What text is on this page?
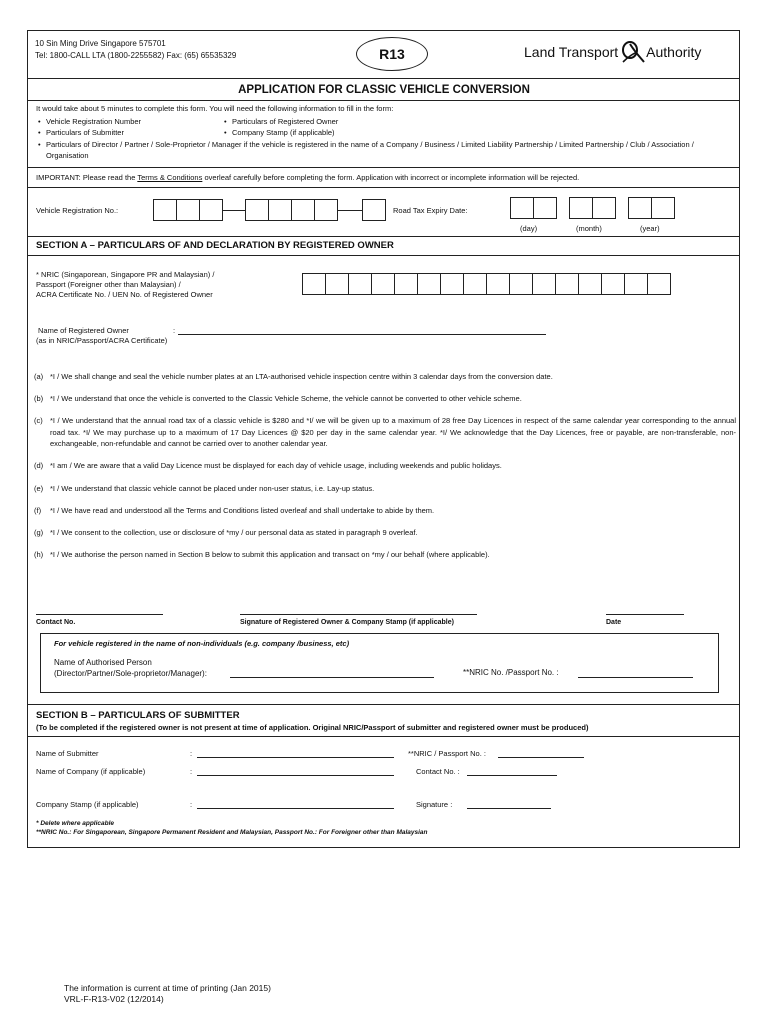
10 Sin Ming Drive Singapore 575701
Tel: 1800-CALL LTA (1800-2255582) Fax: (65) 65535329	R13	Land Transport Authority
APPLICATION FOR CLASSIC VEHICLE CONVERSION
It would take about 5 minutes to complete this form. You will need the following information to fill in the form:
• Vehicle Registration Number	• Particulars of Registered Owner
• Particulars of Submitter	• Company Stamp (if applicable)
• Particulars of Director / Partner / Sole-Proprietor / Manager if the vehicle is registered in the name of a Company / Business / Limited Liability Partnership / Limited Partnership / Club / Association / Organisation
IMPORTANT: Please read the Terms & Conditions overleaf carefully before completing the form. Application with incorrect or incomplete information will be rejected.
Vehicle Registration No.:	Road Tax Expiry Date:
(day)	(month)	(year)
SECTION A – PARTICULARS OF AND DECLARATION BY REGISTERED OWNER
* NRIC (Singaporean, Singapore PR and Malaysian) /
Passport (Foreigner other than Malaysian) /
ACRA Certificate No. / UEN No. of Registered Owner
Name of Registered Owner
(as in NRIC/Passport/ACRA Certificate)
:
(a) *I / We shall change and seal the vehicle number plates at an LTA-authorised vehicle inspection centre within 3 calendar days from the conversion date.
(b) *I / We understand that once the vehicle is converted to the Classic Vehicle Scheme, the vehicle cannot be converted to other vehicle scheme.
(c) *I / We understand that the annual road tax of a classic vehicle is $280 and *I/ we will be given up to a maximum of 28 free Day Licences in respect of the same calendar year corresponding to the annual road tax. *I/ We may purchase up to a maximum of 17 Day Licences @ $20 per day in the same calendar year. *I/ We acknowledge that the Day Licences, free or payable, are non-transferable, non-exchangeable, non-refundable and cannot be carried over to another calendar year.
(d) *I am / We are aware that a valid Day Licence must be displayed for each day of vehicle usage, including weekends and public holidays.
(e) *I / We understand that classic vehicle cannot be placed under non-user status, i.e. Lay-up status.
(f)	*I / We have read and understood all the Terms and Conditions listed overleaf and shall undertake to abide by them.
(g) *I / We consent to the collection, use or disclosure of *my / our personal data as stated in paragraph 9 overleaf.
(h) *I / We authorise the person named in Section B below to submit this application and transact on *my / our behalf (where applicable).
Contact No.	Signature of Registered Owner & Company Stamp (if applicable)	Date
For vehicle registered in the name of non-individuals (e.g. company /business, etc)
Name of Authorised Person
(Director/Partner/Sole-proprietor/Manager):	**NRIC No. /Passport No. :
SECTION B – PARTICULARS OF SUBMITTER
(To be completed if the registered owner is not present at time of application. Original NRIC/Passport of submitter and registered owner must be produced)
Name of Submitter	:	**NRIC / Passport No. :
Name of Company (if applicable)	:	Contact No. :
Company Stamp (if applicable)	:	Signature :
* Delete where applicable
**NRIC No.: For Singaporean, Singapore Permanent Resident and Malaysian, Passport No.: For Foreigner other than Malaysian
The information is current at time of printing (Jan 2015)
VRL-F-R13-V02 (12/2014)
